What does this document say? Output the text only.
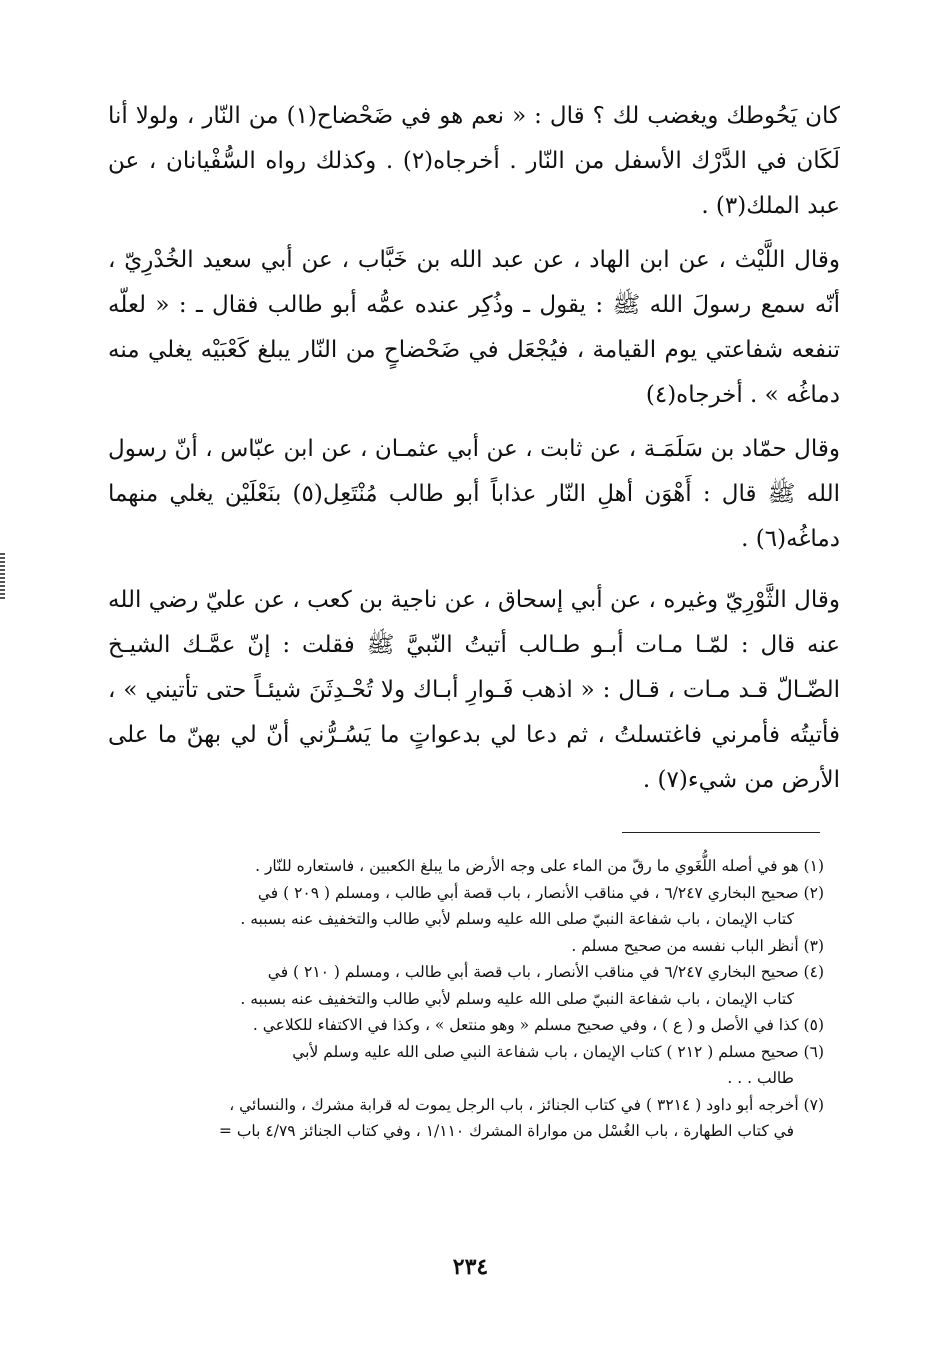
كان يَحُوطك ويغضب لك ؟ قال : « نعم هو في ضَحْضاح(١) من النّار ، ولولا أنا لَكَان في الدَّرْك الأسفل من النّار . أخرجاه(٢) . وكذلك رواه السُّفْيانان ، عن عبد الملك(٣) .

وقال اللَّيْث ، عن ابن الهاد ، عن عبد الله بن خَبَّاب ، عن أبي سعيد الخُدْرِيّ ، أنّه سمع رسولَ الله ﷺ : يقول ـ وذُكِر عنده عمُّه أبو طالب فقال ـ : « لعلّه تنفعه شفاعتي يوم القيامة ، فيُجْعَل في ضَحْضاحٍ من النّار يبلغ كَعْبَيْه يغلي منه دماغُه » . أخرجاه(٤)

وقال حمّاد بن سَلَمَـة ، عن ثابت ، عن أبي عثمـان ، عن ابن عبّاس ، أنّ رسول الله ﷺ قال : أَهْوَن أهلِ النّار عذاباً أبو طالب مُنْتَعِل(٥) بنَعْلَيْن يغلي منهما دماغُه(٦) .

وقال الثَّوْرِيّ وغيره ، عن أبي إسحاق ، عن ناجية بن كعب ، عن عليّ رضي الله عنه قال : لمّـا مـات أبـو طـالب أتيتُ النّبيَّ ﷺ فقلت : إنّ عمَّـك الشيـخ الضّـالّ قـد مـات ، قـال : « اذهب فَـوارِ أبـاك ولا تُحْـدِثَنَ شيئـاً حتى تأتيني » ، فأتيتُه فأمرني فاغتسلتُ ، ثم دعا لي بدعواتٍ ما يَسُـرُّني أنّ لي بهنّ ما على الأرض من شيء(٧) .

(١) هو في أصله اللُّغَوي ما رقّ من الماء على وجه الأرض ما يبلغ الكعبين ، فاستعاره للنّار .
(٢) صحيح البخاري ٦/٢٤٧ ، في مناقب الأنصار ، باب قصة أبي طالب ، ومسلم ( ٢٠٩ ) في
كتاب الإيمان ، باب شفاعة النبيّ صلى الله عليه وسلم لأبي طالب والتخفيف عنه بسببه .
(٣) أنظر الباب نفسه من صحيح مسلم .
(٤) صحيح البخاري ٦/٢٤٧ في مناقب الأنصار ، باب قصة أبي طالب ، ومسلم ( ٢١٠ ) في
كتاب الإيمان ، باب شفاعة النبيّ صلى الله عليه وسلم لأبي طالب والتخفيف عنه بسببه .
(٥) كذا في الأصل و ( ع ) ، وفي صحيح مسلم « وهو منتعل » ، وكذا في الاكتفاء للكلاعي .
(٦) صحيح مسلم ( ٢١٢ ) كتاب الإيمان ، باب شفاعة النبي صلى الله عليه وسلم لأبي
طالب . . .
(٧) أخرجه أبو داود ( ٣٢١٤ ) في كتاب الجنائز ، باب الرجل يموت له قرابة مشرك ، والنسائي ،
في كتاب الطهارة ، باب الغُسْل من مواراة المشرك ١/١١٠ ، وفي كتاب الجنائز ٤/٧٩ باب =
٢٣٤
